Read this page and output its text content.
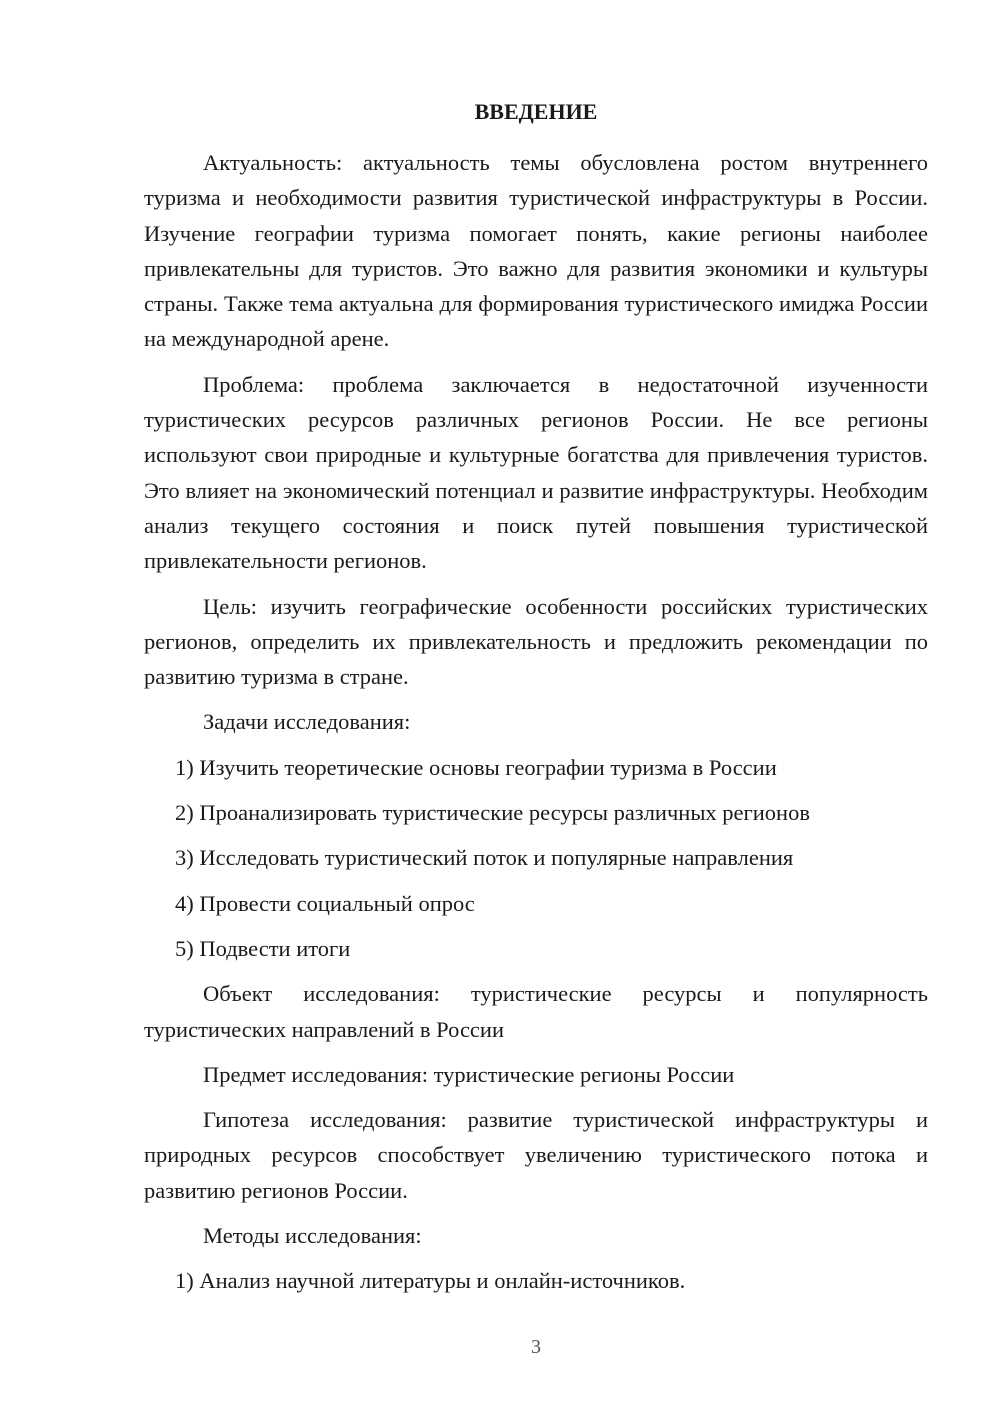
ВВЕДЕНИЕ

Актуальность: актуальность темы обусловлена ростом внутреннего туризма и необходимости развития туристической инфраструктуры в России. Изучение географии туризма помогает понять, какие регионы наиболее привлекательны для туристов. Это важно для развития экономики и культуры страны. Также тема актуальна для формирования туристического имиджа России на международной арене.

Проблема: проблема заключается в недостаточной изученности туристических ресурсов различных регионов России. Не все регионы используют свои природные и культурные богатства для привлечения туристов. Это влияет на экономический потенциал и развитие инфраструктуры. Необходим анализ текущего состояния и поиск путей повышения туристической привлекательности регионов.

Цель: изучить географические особенности российских туристических регионов, определить их привлекательность и предложить рекомендации по развитию туризма в стране.

Задачи исследования:

1) Изучить теоретические основы географии туризма в России

2) Проанализировать туристические ресурсы различных регионов

3) Исследовать туристический поток и популярные направления

4) Провести социальный опрос

5) Подвести итоги

Объект исследования: туристические ресурсы и популярность туристических направлений в России

Предмет исследования: туристические регионы России

Гипотеза исследования: развитие туристической инфраструктуры и природных ресурсов способствует увеличению туристического потока и развитию регионов России.

Методы исследования:

1) Анализ научной литературы и онлайн-источников.

3
